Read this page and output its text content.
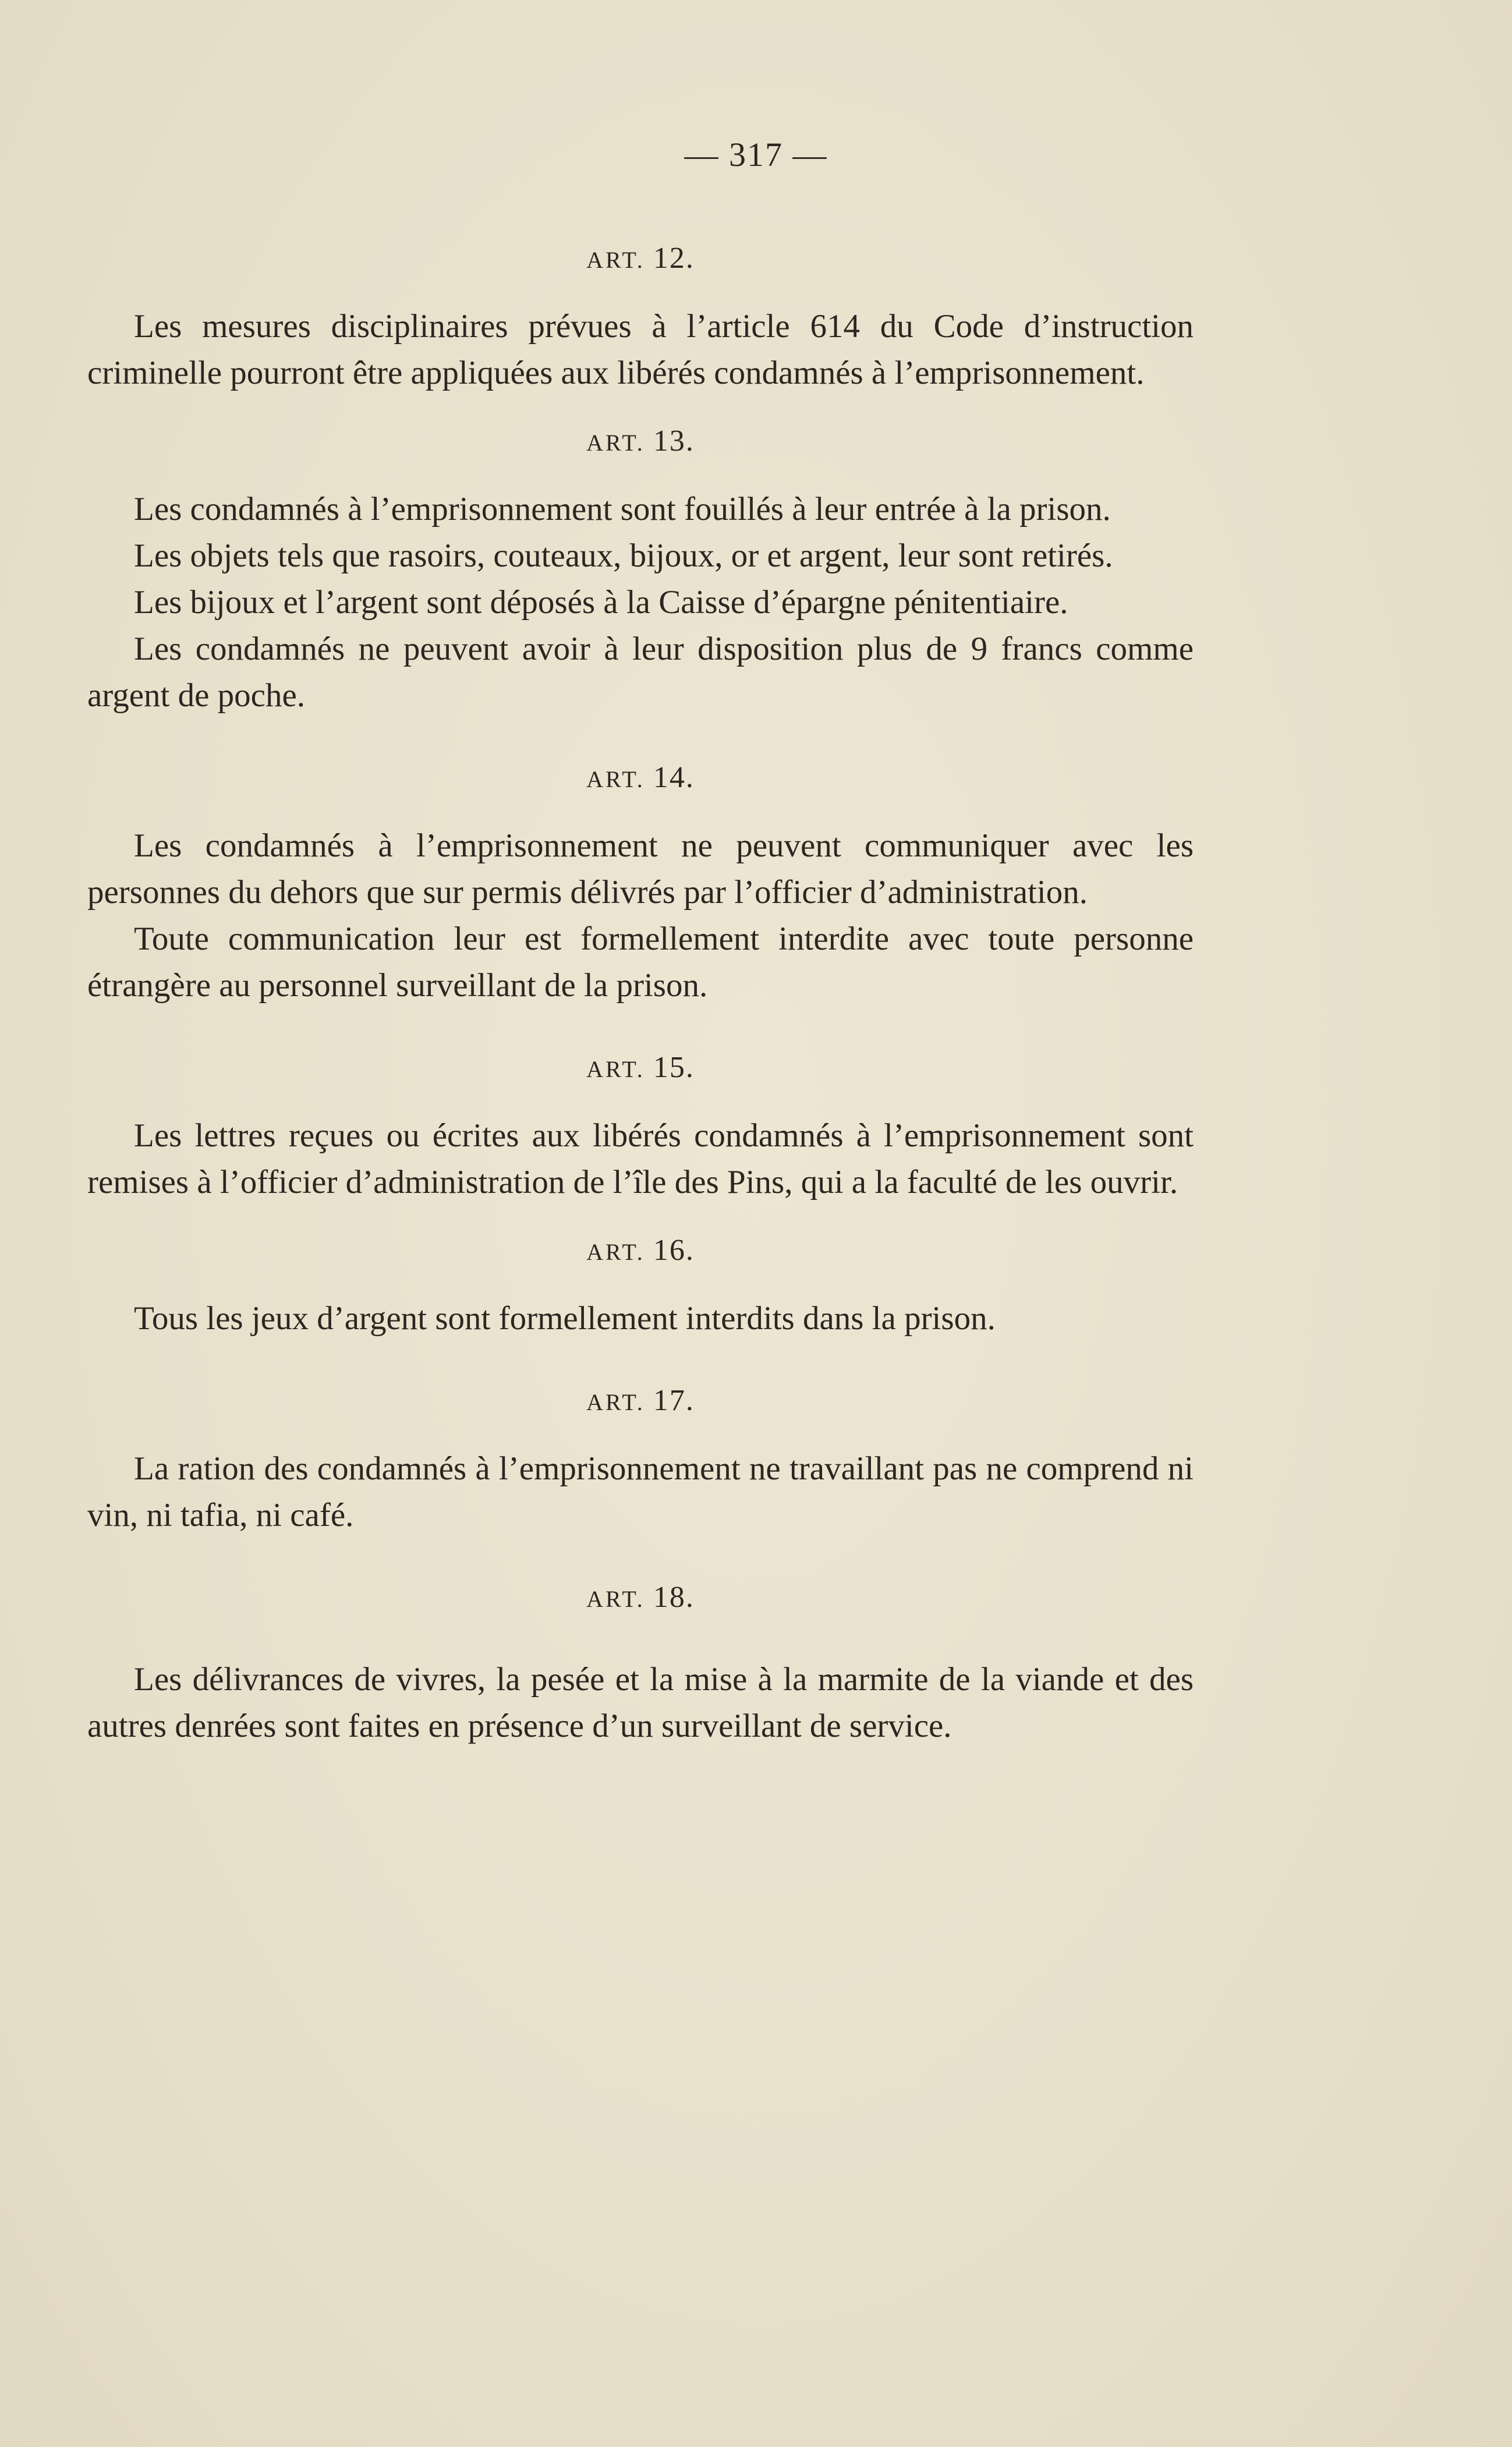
— 317 —
ART. 12.

Les mesures disciplinaires prévues à l’article 614 du Code d’instruction criminelle pourront être appliquées aux libérés condamnés à l’emprisonnement.

ART. 13.

Les condamnés à l’emprisonnement sont fouillés à leur entrée à la prison.

Les objets tels que rasoirs, couteaux, bijoux, or et argent, leur sont retirés.

Les bijoux et l’argent sont déposés à la Caisse d’épargne pénitentiaire.

Les condamnés ne peuvent avoir à leur disposition plus de 9 francs comme argent de poche.

ART. 14.

Les condamnés à l’emprisonnement ne peuvent communiquer avec les personnes du dehors que sur permis délivrés par l’officier d’administration.

Toute communication leur est formellement interdite avec toute personne étrangère au personnel surveillant de la prison.

ART. 15.

Les lettres reçues ou écrites aux libérés condamnés à l’emprisonnement sont remises à l’officier d’administration de l’île des Pins, qui a la faculté de les ouvrir.

ART. 16.

Tous les jeux d’argent sont formellement interdits dans la prison.

ART. 17.

La ration des condamnés à l’emprisonnement ne travaillant pas ne comprend ni vin, ni tafia, ni café.

ART. 18.

Les délivrances de vivres, la pesée et la mise à la marmite de la viande et des autres denrées sont faites en présence d’un surveillant de service.
